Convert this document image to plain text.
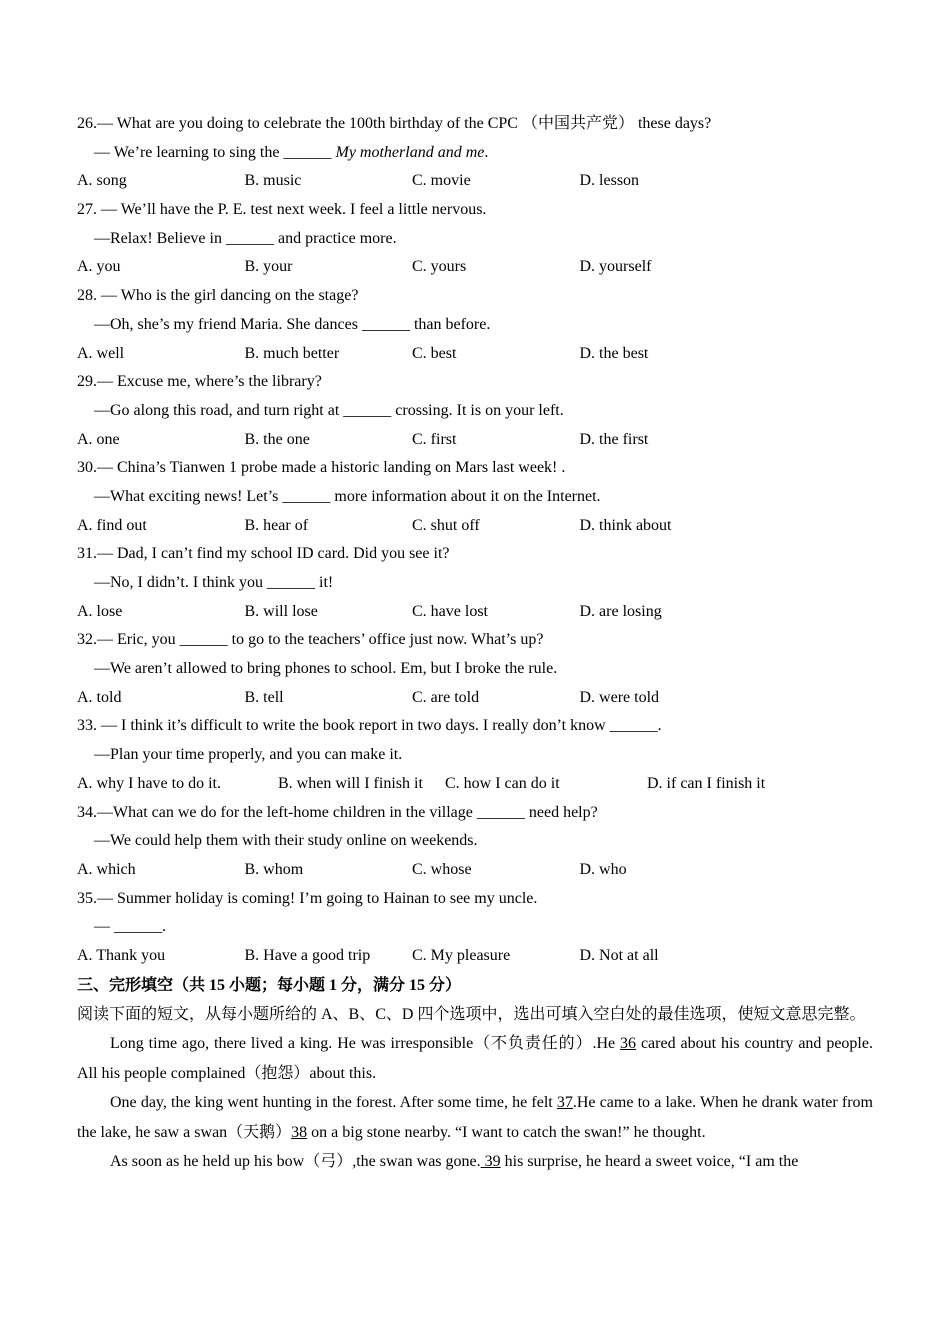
26.— What are you doing to celebrate the 100th birthday of the CPC （中国共产党） these days?
— We’re learning to sing the ______ My motherland and me.
A. song	B. music	C. movie	D. lesson
27. — We’ll have the P. E. test next week. I feel a little nervous.
—Relax! Believe in ______ and practice more.
A. you	B. your	C. yours	D. yourself
28. — Who is the girl dancing on the stage?
—Oh, she’s my friend Maria. She dances ______ than before.
A. well	B. much better	C. best	D. the best
29.— Excuse me, where’s the library?
—Go along this road, and turn right at ______ crossing. It is on your left.
A. one	B. the one	C. first	D. the first
30.— China’s Tianwen 1 probe made a historic landing on Mars last week! .
—What exciting news! Let’s ______ more information about it on the Internet.
A. find out	B. hear of	C. shut off	D. think about
31.— Dad, I can’t find my school ID card. Did you see it?
—No, I didn’t. I think you ______ it!
A. lose	B. will lose	C. have lost	D. are losing
32.— Eric, you ______ to go to the teachers’ office just now. What’s up?
—We aren’t allowed to bring phones to school. Em, but I broke the rule.
A. told	B. tell	C. are told	D. were told
33. — I think it’s difficult to write the book report in two days. I really don’t know ______.
—Plan your time properly, and you can make it.
A. why I have to do it.	B. when will I finish it	C. how I can do it	D. if can I finish it
34.—What can we do for the left-home children in the village ______ need help?
—We could help them with their study online on weekends.
A. which	B. whom	C. whose	D. who
35.— Summer holiday is coming! I’m going to Hainan to see my uncle.
— ______.
A. Thank you	B. Have a good trip	C. My pleasure	D. Not at all
三、完形填空（共 15 小题；每小题 1 分，满分 15 分）

阅读下面的短文，从每小题所给的 A、B、C、D 四个选项中，选出可填入空白处的最佳选项，使短文意思完整。

Long time ago, there lived a king. He was irresponsible（不负责任的）.He 36 cared about his country and people. All his people complained（抱怨）about this.

One day, the king went hunting in the forest. After some time, he felt 37.He came to a lake. When he drank water from the lake, he saw a swan（天鹅）38 on a big stone nearby. “I want to catch the swan!” he thought.

As soon as he held up his bow（弓）,the swan was gone. 39 his surprise, he heard a sweet voice, “I am the
